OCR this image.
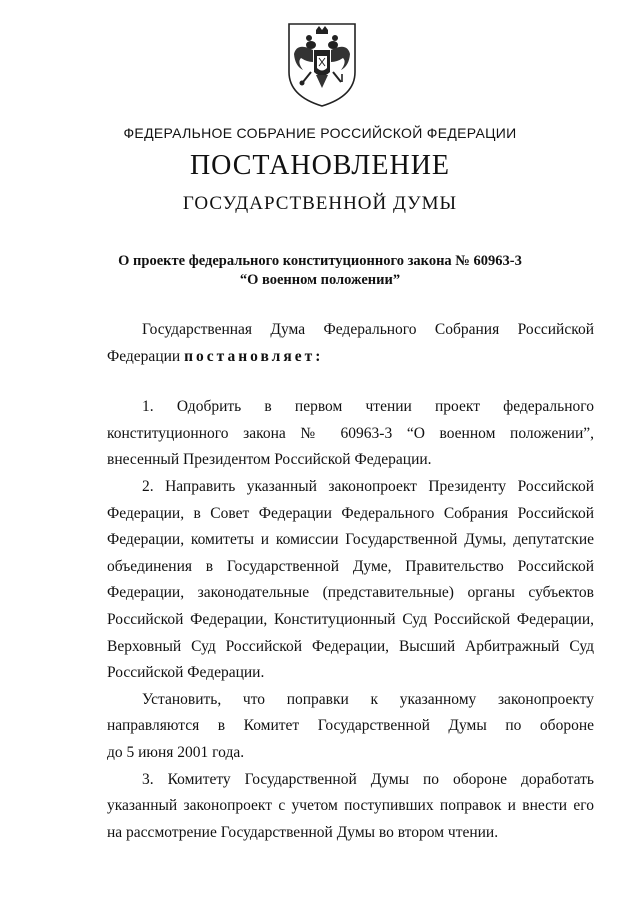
ФЕДЕРАЛЬНОЕ СОБРАНИЕ РОССИЙСКОЙ ФЕДЕРАЦИИ
ПОСТАНОВЛЕНИЕ
ГОСУДАРСТВЕННОЙ ДУМЫ
О проекте федерального конституционного закона № 60963-3
“О военном положении”
Государственная Дума Федерального Собрания Российской
Федерации постановляет:
1. Одобрить в первом чтении проект федерального
конституционного закона № 60963-3 “О военном положении”,
внесенный Президентом Российской Федерации.
2. Направить указанный законопроект Президенту Российской
Федерации, в Совет Федерации Федерального Собрания Российской
Федерации, комитеты и комиссии Государственной Думы, депутатские
объединения в Государственной Думе, Правительство Российской
Федерации, законодательные (представительные) органы субъектов
Российской Федерации, Конституционный Суд Российской Федерации,
Верховный Суд Российской Федерации, Высший Арбитражный Суд
Российской Федерации.
Установить, что поправки к указанному законопроекту
направляются в Комитет Государственной Думы по обороне
до 5 июня 2001 года.
3. Комитету Государственной Думы по обороне доработать
указанный законопроект с учетом поступивших поправок и внести его
на рассмотрение Государственной Думы во втором чтении.
